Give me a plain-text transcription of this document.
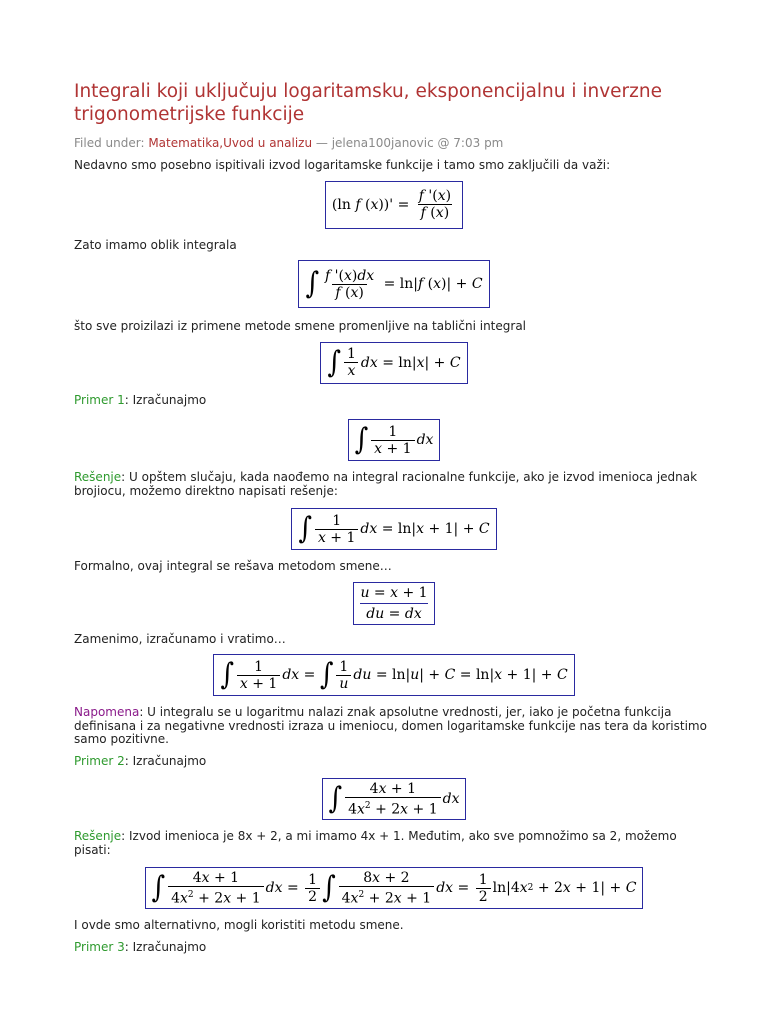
Integrali koji uključuju logaritamsku, eksponencijalnu i inverzne trigonometrijske funkcije
Filed under: Matematika,Uvod u analizu — jelena100janovic @ 7:03 pm

Nedavno smo posebno ispitivali izvod logaritamske funkcije i tamo smo zaključili da važi:

(ln f ( x ))' = $\frac{f '(x)}{f (x)}$

Zato imamo oblik integrala

∫ $\frac{f '(x)dx}{f (x)} = \ln|$ f ( x )| + C

što sve proizilazi iz primene metode smene promenljive na tablični integral

∫ $\frac{1}{x}$ dx = ln| x | + C

Primer 1: Izračunajmo

∫ $\frac{1}{x + 1}$ dx

Rešenje: U opštem slučaju, kada naođemo na integral racionalne funkcije, ako je izvod imenioca jednak brojiocu, možemo direktno napisati rešenje:

∫ $\frac{1}{x + 1}$ dx = ln| x + 1| + C

Formalno, ovaj integral se rešava metodom smene…

u = x + 1
du = dx

Zamenimo, izračunamo i vratimo…

∫ $\frac{1}{x + 1}$ dx = ∫ $\frac{1}{u}$ du = ln| u | + C = ln| x + 1| + C

Napomena: U integralu se u logaritmu nalazi znak apsolutne vrednosti, jer, iako je početna funkcija definisana i za negativne vrednosti izraza u imeniocu, domen logaritamske funkcije nas tera da koristimo samo pozitivne.

Primer 2: Izračunajmo

∫ $\frac{4x + 1}{4x^2 + 2x + 1}$ dx

Rešenje: Izvod imenioca je 8x + 2, a mi imamo 4x + 1. Međutim, ako sve pomnožimo sa 2, možemo pisati:

∫ $\frac{4x + 1}{4x^2 + 2x + 1}$ dx = $\frac{1}{2}$ ∫ $\frac{8x + 2}{4x^2 + 2x + 1}$ dx = $\frac{1}{2} \ln|4$ x 2 + 2 x + 1| + C

I ovde smo alternativno, mogli koristiti metodu smene.

Primer 3: Izračunajmo
